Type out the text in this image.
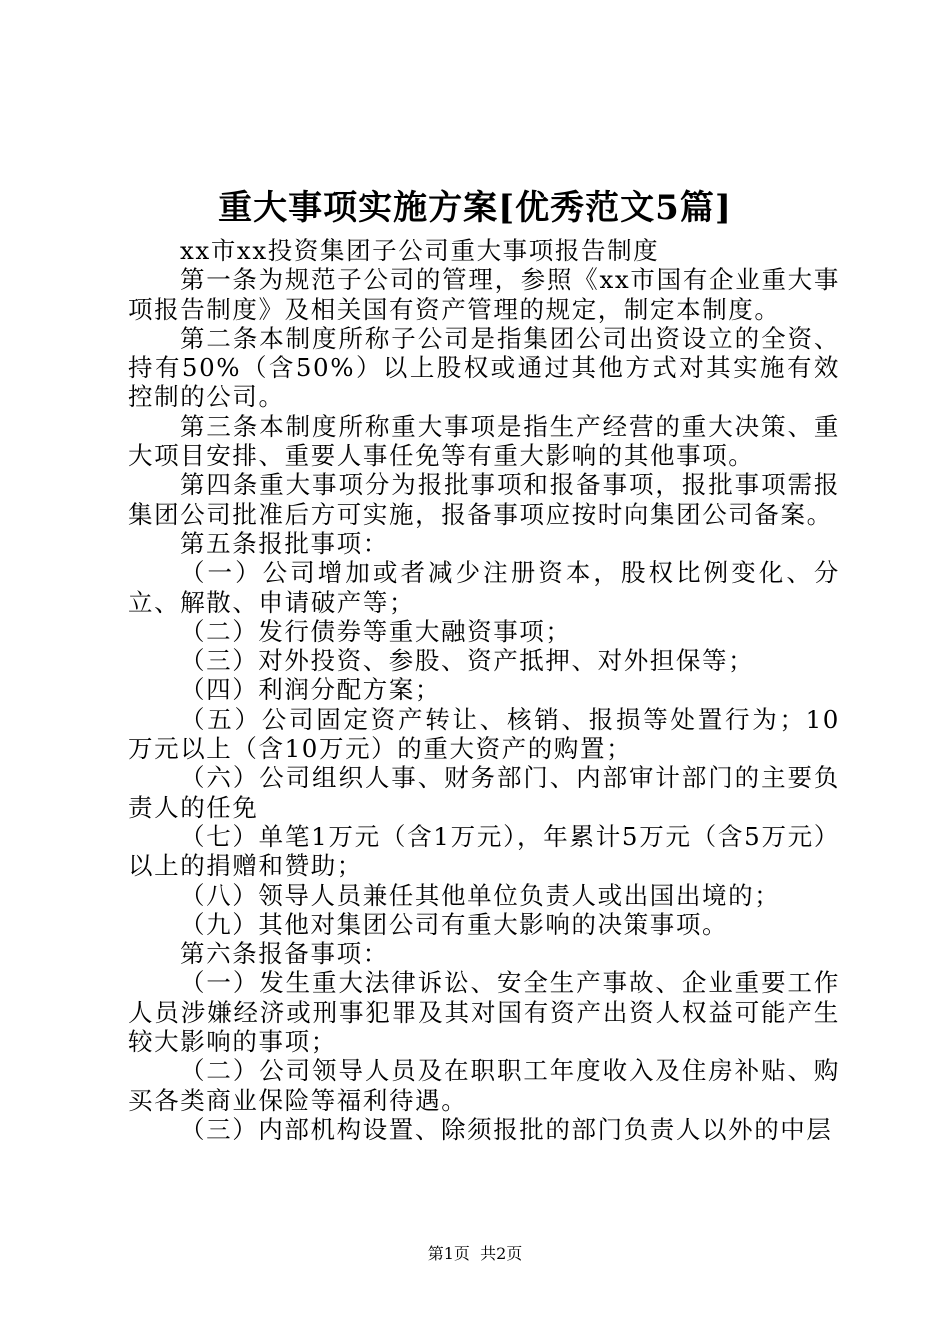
重大事项实施方案[优秀范文5篇]

xx市xx投资集团子公司重大事项报告制度

第一条为规范子公司的管理，参照《xx市国有企业重大事项报告制度》及相关国有资产管理的规定，制定本制度。

第二条本制度所称子公司是指集团公司出资设立的全资、持有50%（含50%）以上股权或通过其他方式对其实施有效控制的公司。

第三条本制度所称重大事项是指生产经营的重大决策、重大项目安排、重要人事任免等有重大影响的其他事项。

第四条重大事项分为报批事项和报备事项，报批事项需报集团公司批准后方可实施，报备事项应按时向集团公司备案。

第五条报批事项：

（一）公司增加或者减少注册资本，股权比例变化、分立、解散、申请破产等；

（二）发行债券等重大融资事项；

（三）对外投资、参股、资产抵押、对外担保等；

（四）利润分配方案；

（五）公司固定资产转让、核销、报损等处置行为；10万元以上（含10万元）的重大资产的购置；

（六）公司组织人事、财务部门、内部审计部门的主要负责人的任免

（七）单笔1万元（含1万元），年累计5万元（含5万元）以上的捐赠和赞助；

（八）领导人员兼任其他单位负责人或出国出境的；

（九）其他对集团公司有重大影响的决策事项。

第六条报备事项：

（一）发生重大法律诉讼、安全生产事故、企业重要工作人员涉嫌经济或刑事犯罪及其对国有资产出资人权益可能产生较大影响的事项；

（二）公司领导人员及在职职工年度收入及住房补贴、购买各类商业保险等福利待遇。

（三）内部机构设置、除须报批的部门负责人以外的中层

第1页  共2页
